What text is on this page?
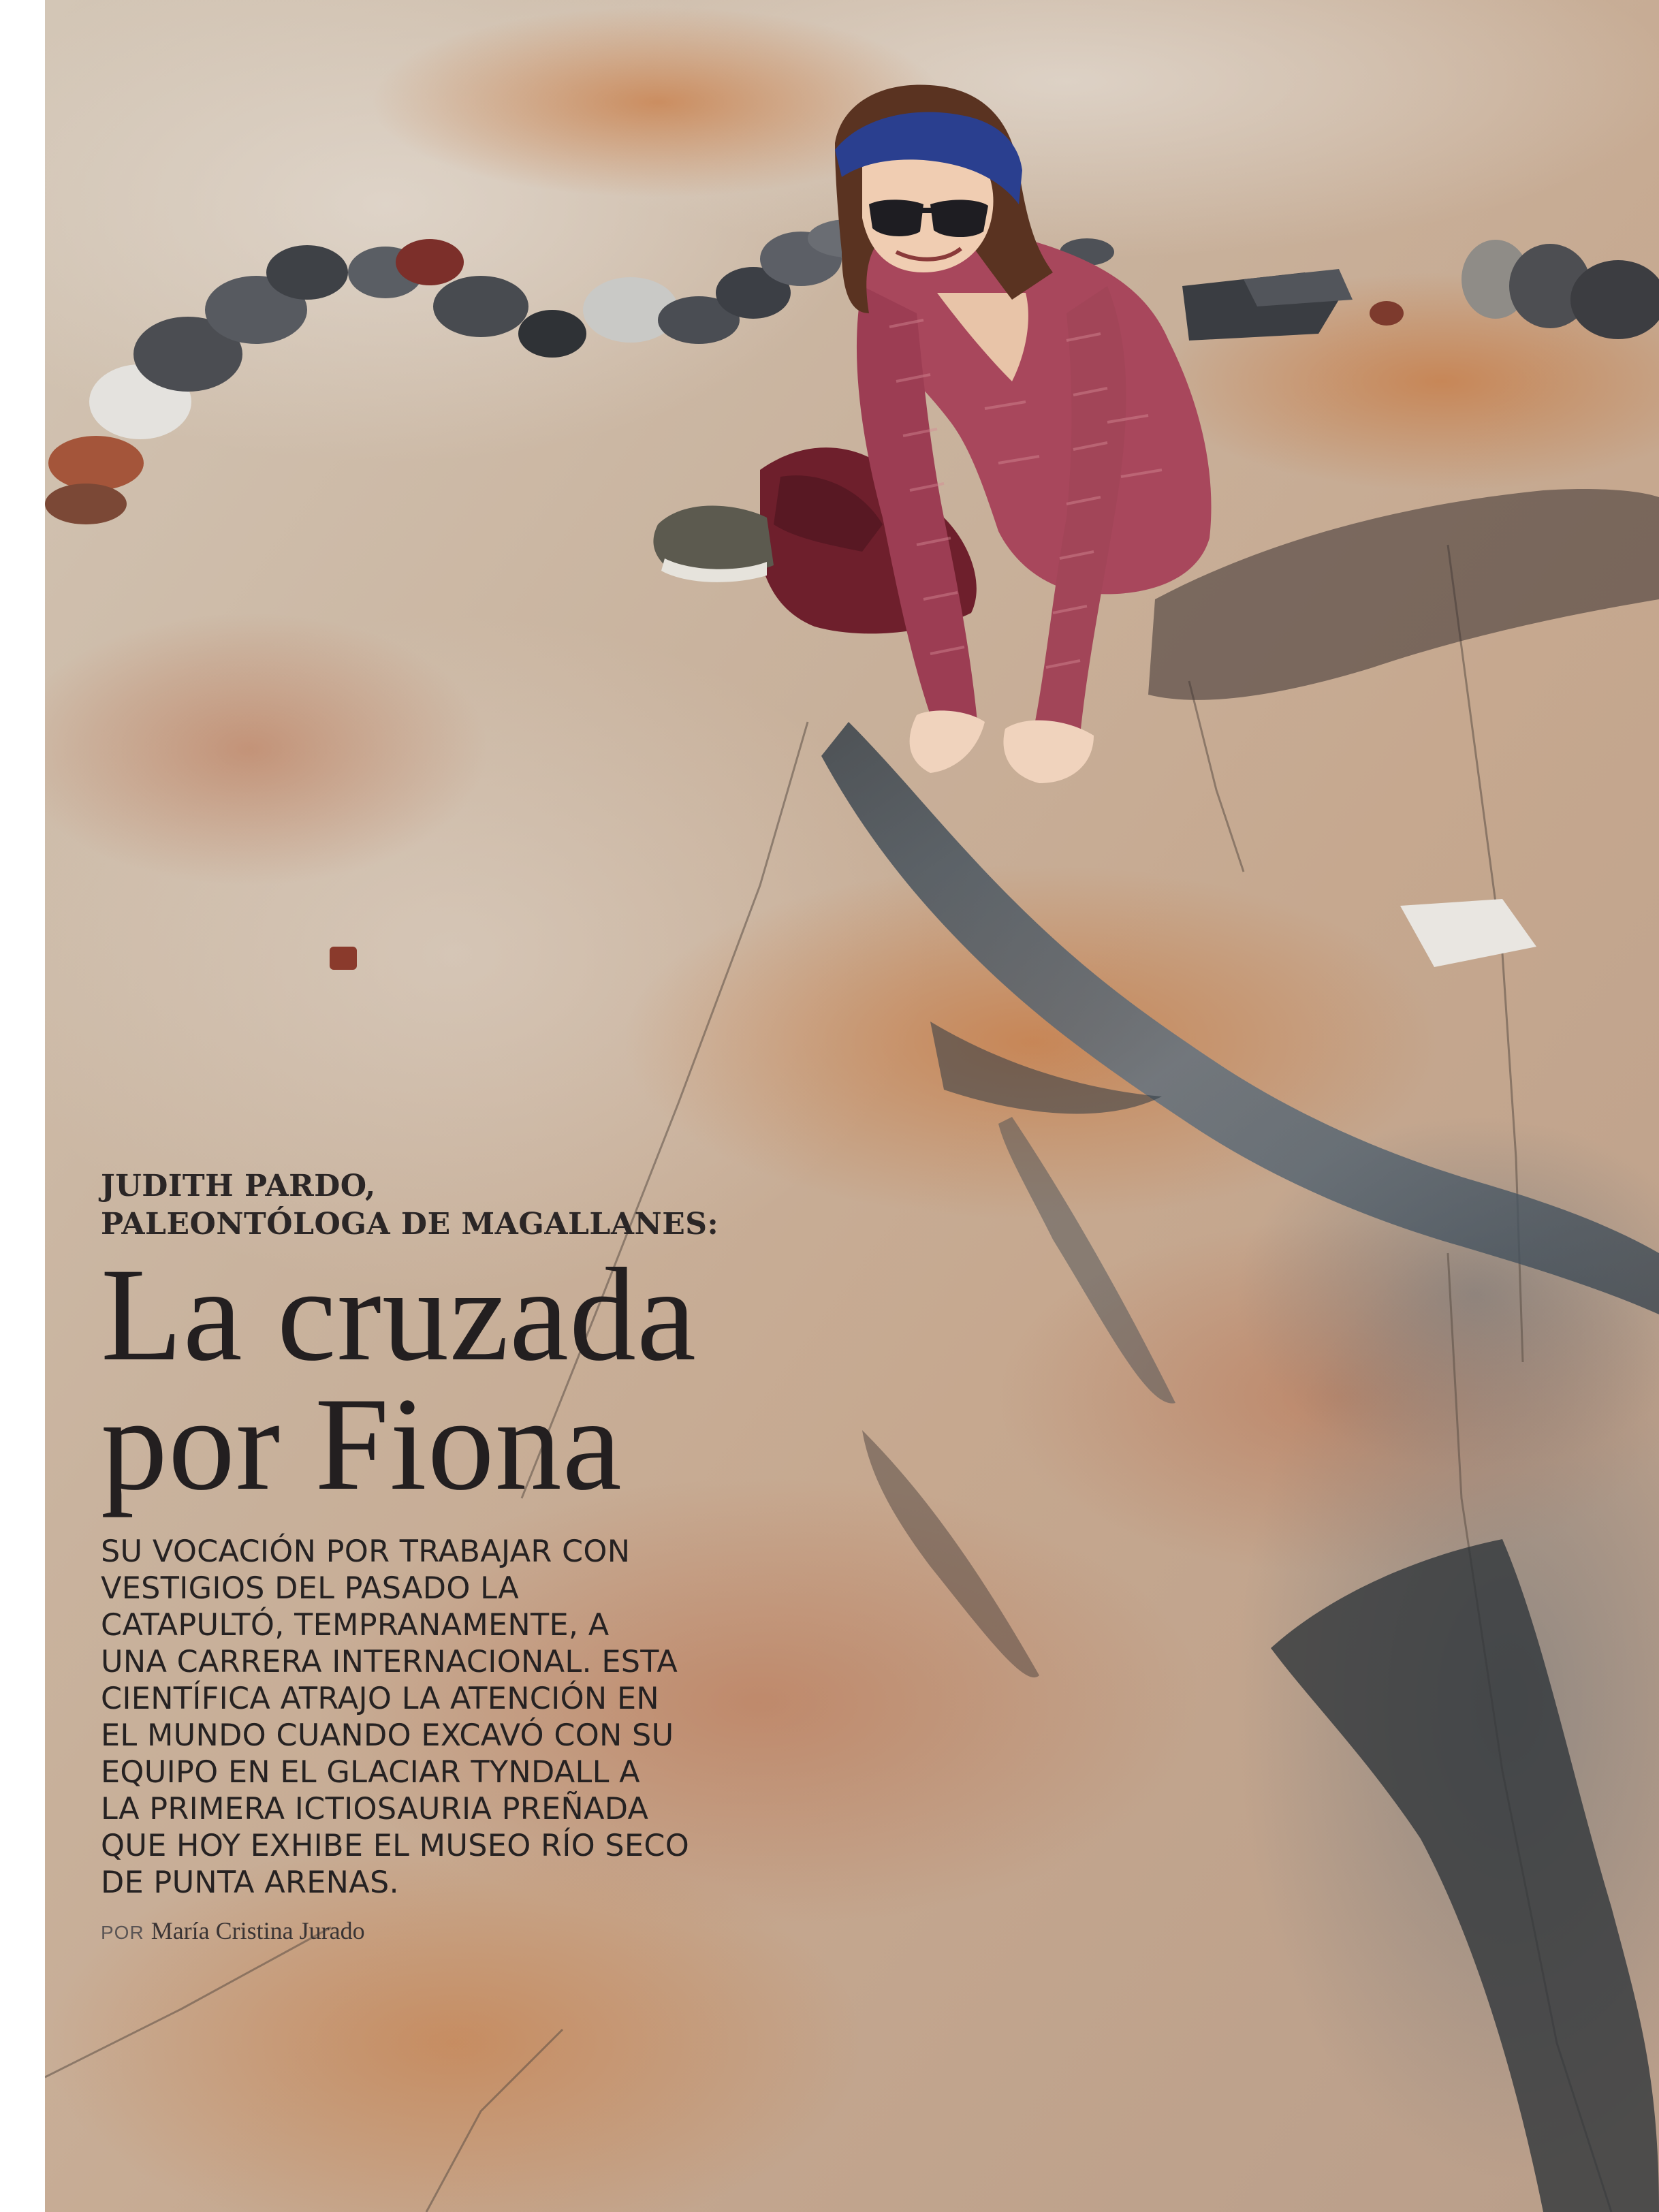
JUDITH PARDO,
PALEONTÓLOGA DE MAGALLANES:
La cruzada
por Fiona
SU VOCACIÓN POR TRABAJAR CON
VESTIGIOS DEL PASADO LA
CATAPULTÓ, TEMPRANAMENTE, A
UNA CARRERA INTERNACIONAL. ESTA
CIENTÍFICA ATRAJO LA ATENCIÓN EN
EL MUNDO CUANDO EXCAVÓ CON SU
EQUIPO EN EL GLACIAR TYNDALL A
LA PRIMERA ICTIOSAURIA PREÑADA
QUE HOY EXHIBE EL MUSEO RÍO SECO
DE PUNTA ARENAS.
POR María Cristina Jurado
